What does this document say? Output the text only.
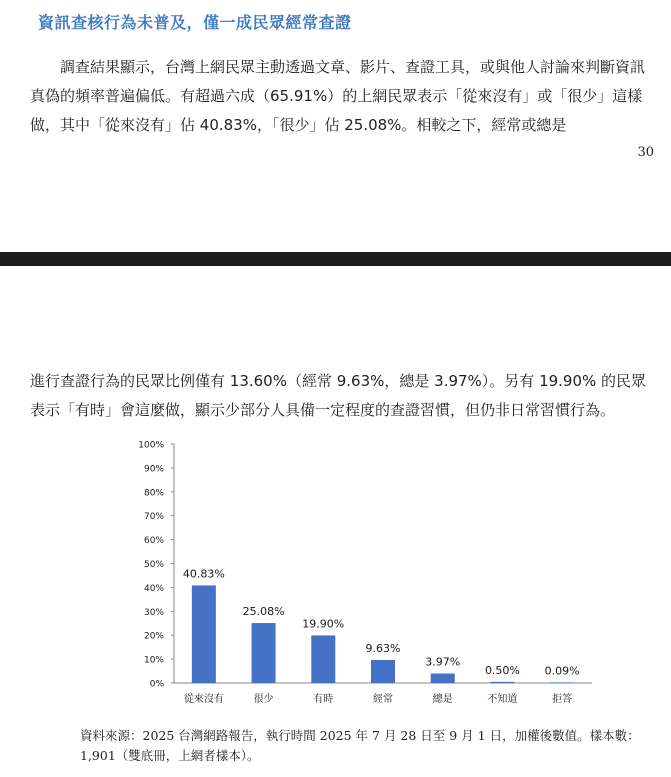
資訊查核行為未普及，僅一成民眾經常查證

調查結果顯示，台灣上網民眾主動透過文章、影片、查證工具，或與他人討論來判斷資訊真偽的頻率普遍偏低。有超過六成（65.91%）的上網民眾表示「從來沒有」或「很少」這樣做，其中「從來沒有」佔 40.83%，「很少」佔 25.08%。相較之下，經常或總是

30

進行查證行為的民眾比例僅有 13.60%（經常 9.63%，總是 3.97%）。另有 19.90% 的民眾表示「有時」會這麼做，顯示少部分人具備一定程度的查證習慣，但仍非日常習慣行為。

0%
10%
20%
30%
40%
50%
60%
70%
80%
90%
100%
40.83%
從來沒有
25.08%
很少
19.90%
有時
9.63%
經常
3.97%
總是
0.50%
不知道
0.09%
拒答
資料來源：2025 台灣網路報告，執行時間 2025 年 7 月 28 日至 9 月 1 日，加權後數值。樣本數：1,901（雙底冊，上網者樣本）。
